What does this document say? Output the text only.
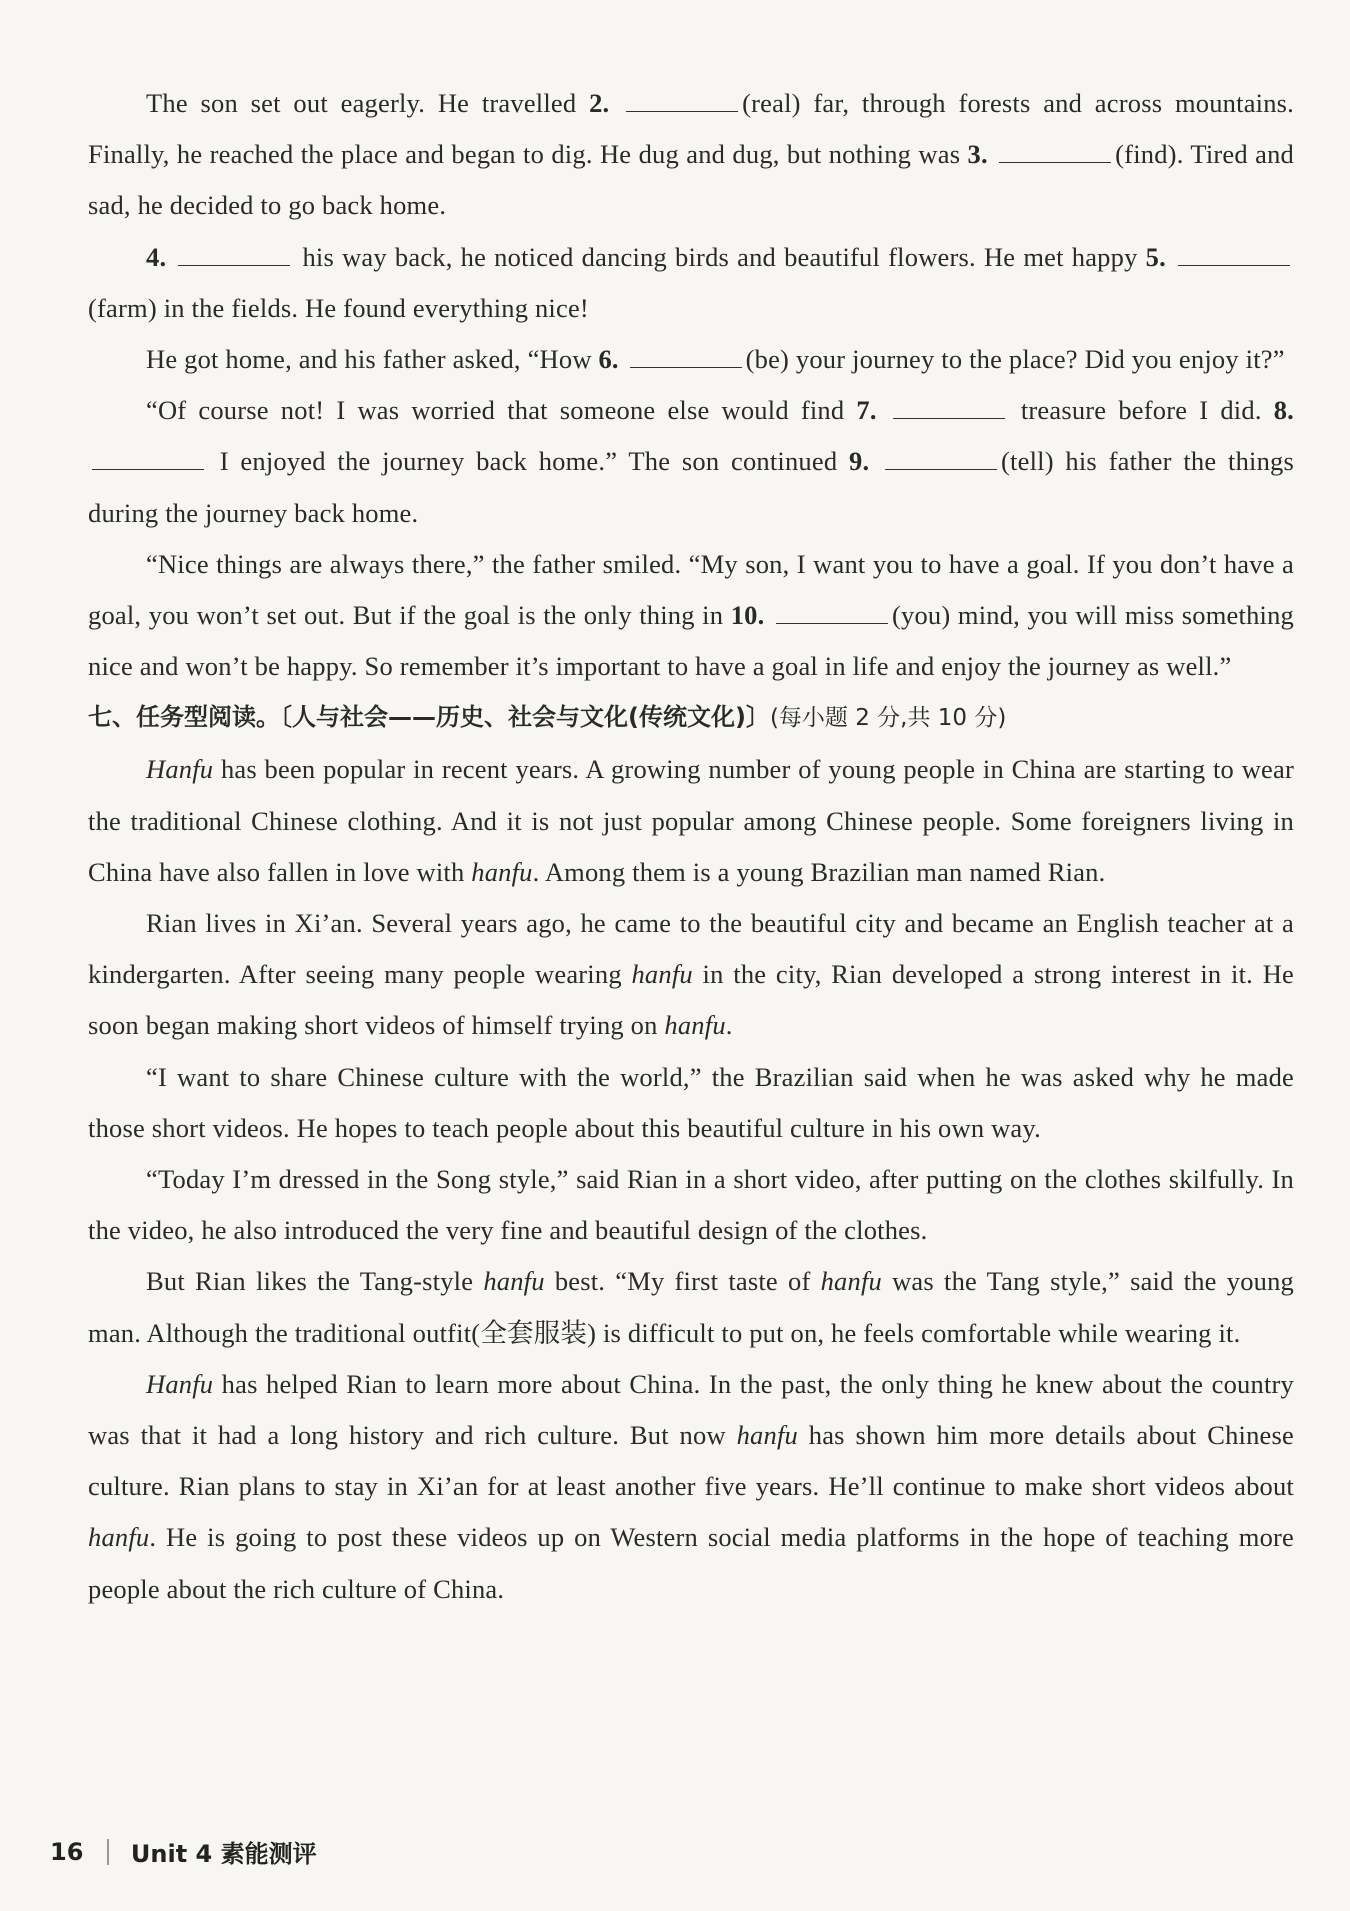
The son set out eagerly. He travelled 2.	(real) far, through forests and across mountains. Finally, he reached the place and began to dig. He dug and dug, but nothing was 3.	(find). Tired and sad, he decided to go back home.

4.	his way back, he noticed dancing birds and beautiful flowers. He met happy 5. (farm) in the fields. He found everything nice!

He got home, and his father asked, “How 6.	(be) your journey to the place? Did you enjoy it?”

“Of course not! I was worried that someone else would find 7.	treasure before I did. 8.  I enjoyed the journey back home.” The son continued 9.	(tell) his father the things during the journey back home.

“Nice things are always there,” the father smiled. “My son, I want you to have a goal. If you don’t have a goal, you won’t set out. But if the goal is the only thing in 10.	(you) mind, you will miss something nice and won’t be happy. So remember it’s important to have a goal in life and enjoy the journey as well.”

七、任务型阅读。〔人与社会——历史、社会与文化(传统文化)〕(每小题 2 分,共 10 分)

Hanfu has been popular in recent years. A growing number of young people in China are starting to wear the traditional Chinese clothing. And it is not just popular among Chinese people. Some foreigners living in China have also fallen in love with hanfu. Among them is a young Brazilian man named Rian.

Rian lives in Xi’an. Several years ago, he came to the beautiful city and became an English teacher at a kindergarten. After seeing many people wearing hanfu in the city, Rian developed a strong interest in it. He soon began making short videos of himself trying on hanfu.

“I want to share Chinese culture with the world,” the Brazilian said when he was asked why he made those short videos. He hopes to teach people about this beautiful culture in his own way.

“Today I’m dressed in the Song style,” said Rian in a short video, after putting on the clothes skilfully. In the video, he also introduced the very fine and beautiful design of the clothes.

But Rian likes the Tang-style hanfu best. “My first taste of hanfu was the Tang style,” said the young man. Although the traditional outfit(全套服装) is difficult to put on, he feels comfortable while wearing it.

Hanfu has helped Rian to learn more about China. In the past, the only thing he knew about the country was that it had a long history and rich culture. But now hanfu has shown him more details about Chinese culture. Rian plans to stay in Xi’an for at least another five years. He’ll continue to make short videos about hanfu. He is going to post these videos up on Western social media platforms in the hope of teaching more people about the rich culture of China.

16 Unit 4 素能测评
